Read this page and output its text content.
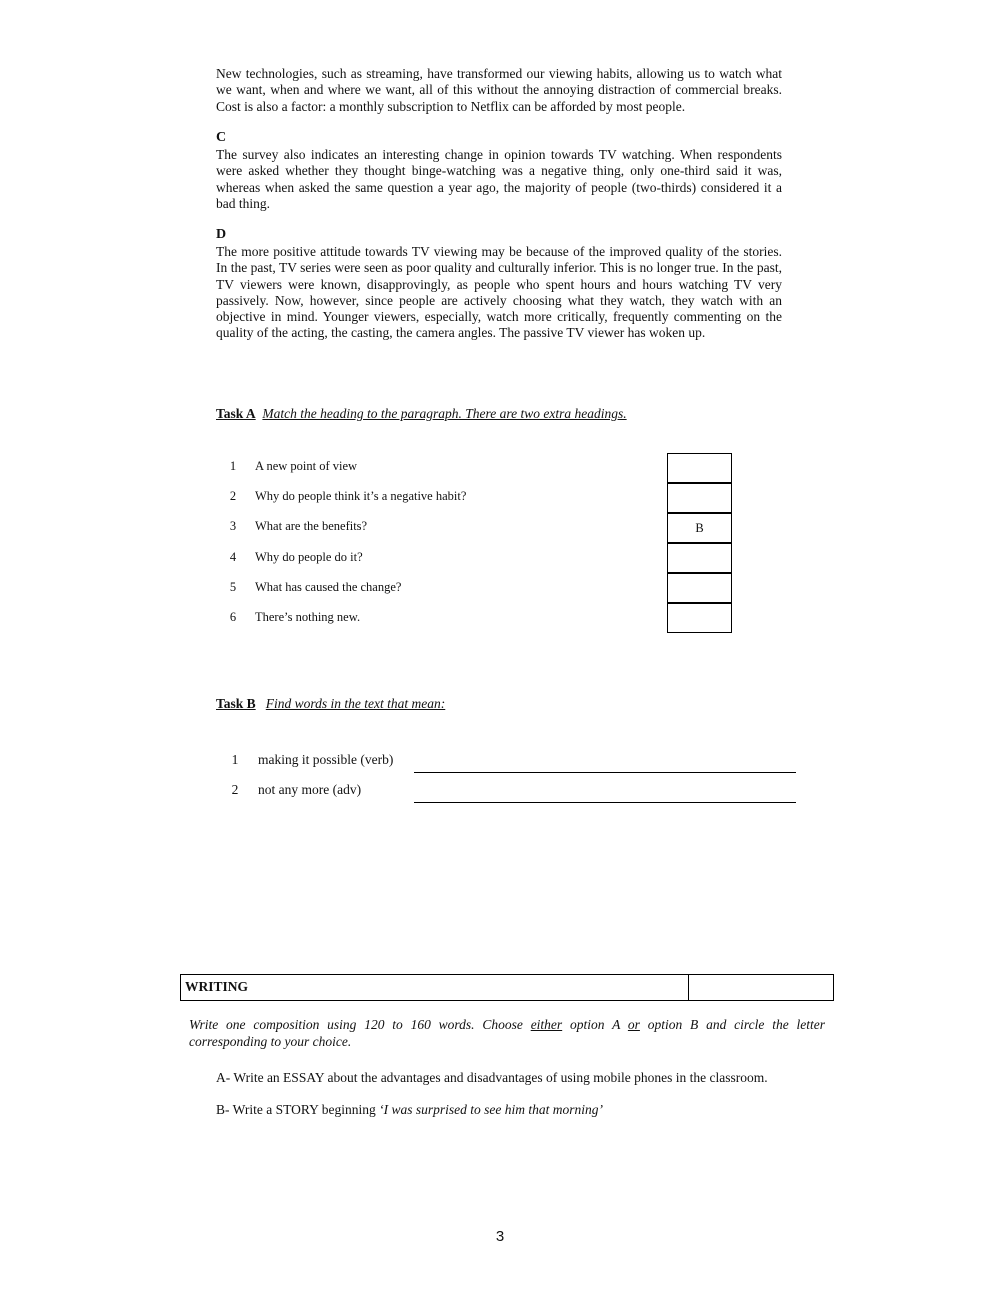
New technologies, such as streaming, have transformed our viewing habits, allowing us to watch what we want, when and where we want, all of this without the annoying distraction of commercial breaks. Cost is also a factor: a monthly subscription to Netflix can be afforded by most people.

C

The survey also indicates an interesting change in opinion towards TV watching. When respondents were asked whether they thought binge-watching was a negative thing, only one-third said it was, whereas when asked the same question a year ago, the majority of people (two-thirds) considered it a bad thing.

D

The more positive attitude towards TV viewing may be because of the improved quality of the stories. In the past, TV series were seen as poor quality and culturally inferior. This is no longer true. In the past, TV viewers were known, disapprovingly, as people who spent hours and hours watching TV very passively. Now, however, since people are actively choosing what they watch, they watch with an objective in mind. Younger viewers, especially, watch more critically, frequently commenting on the quality of the acting, the casting, the camera angles. The passive TV viewer has woken up.

Task A Match the heading to the paragraph. There are two extra headings.
1 A new point of view
2 Why do people think it’s a negative habit?
3 What are the benefits?	B
4 Why do people do it?
5 What has caused the change?
6 There’s nothing new.
Task B Find words in the text that mean:
1 making it possible (verb)
2 not any more (adv)
WRITING

Write one composition using 120 to 160 words. Choose either option A or option B and circle the letter corresponding to your choice.

A- Write an ESSAY about the advantages and disadvantages of using mobile phones in the classroom.
B- Write a STORY beginning ‘I was surprised to see him that morning’
3
